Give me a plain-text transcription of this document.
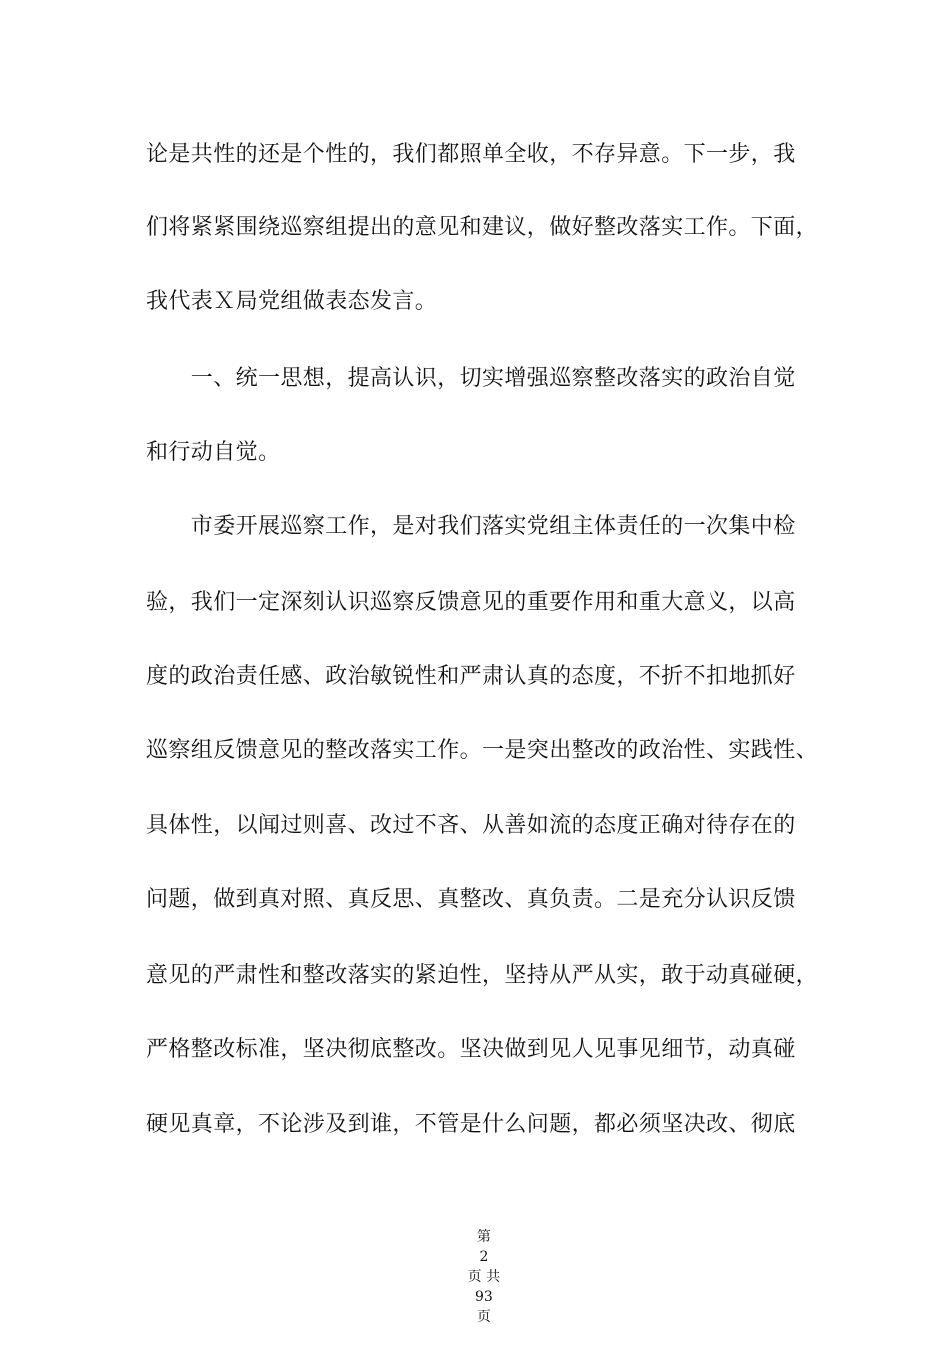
论是共性的还是个性的，我们都照单全收，不存异意。下一步，我
们将紧紧围绕巡察组提出的意见和建议，做好整改落实工作。下面，
我代表Ｘ局党组做表态发言。
　　一、统一思想，提高认识，切实增强巡察整改落实的政治自觉
和行动自觉。
　　市委开展巡察工作，是对我们落实党组主体责任的一次集中检
验，我们一定深刻认识巡察反馈意见的重要作用和重大意义，以高
度的政治责任感、政治敏锐性和严肃认真的态度，不折不扣地抓好
巡察组反馈意见的整改落实工作。一是突出整改的政治性、实践性、
具体性，以闻过则喜、改过不吝、从善如流的态度正确对待存在的
问题，做到真对照、真反思、真整改、真负责。二是充分认识反馈
意见的严肃性和整改落实的紧迫性，坚持从严从实，敢于动真碰硬，
严格整改标准，坚决彻底整改。坚决做到见人见事见细节，动真碰
硬见真章，不论涉及到谁，不管是什么问题，都必须坚决改、彻底

第
2
页 共
93
页
